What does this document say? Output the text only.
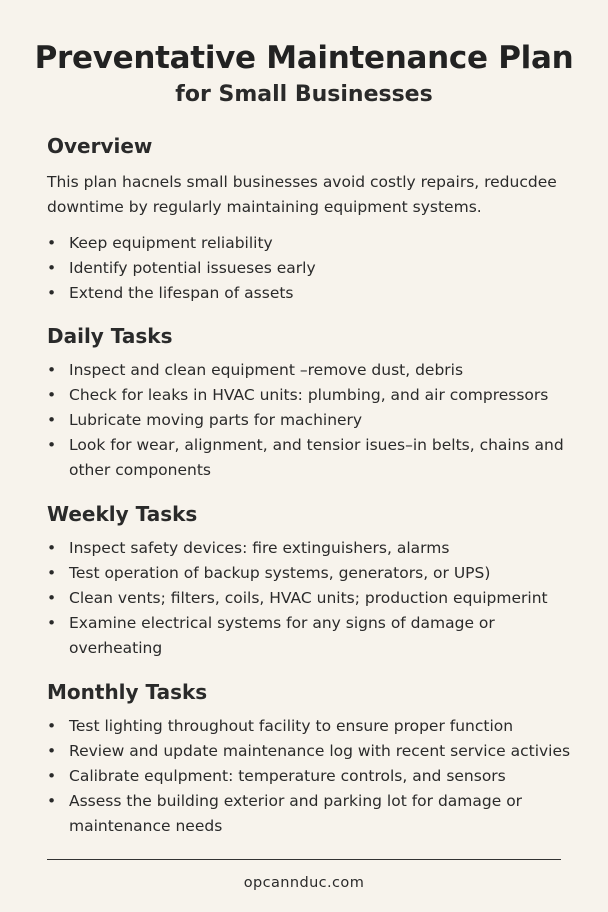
Preventative Maintenance Plan
for Small Businesses
Overview

This plan hacnels small businesses avoid costly repairs, reducdee downtime by regularly maintaining equipment systems.

• Keep equipment reliability
• Identify potential issueses early
• Extend the lifespan of assets
Daily Tasks
• Inspect and clean equipment –remove dust, debris
• Check for leaks in HVAC units: plumbing, and air compressors
• Lubricate moving parts for machinery
• Look for wear, alignment, and tensior isues–in belts, chains and other components
Weekly Tasks
• Inspect safety devices: fire extinguishers, alarms
• Test operation of backup systems, generators, or UPS)
• Clean vents; filters, coils, HVAC units; production equipmerint
• Examine electrical systems for any signs of damage or overheating
Monthly Tasks
• Test lighting throughout facility to ensure proper function
• Review and update maintenance log with recent service activies
• Calibrate equlpment: temperature controls, and sensors
• Assess the building exterior and parking lot for damage or maintenance needs
opcannduc.com
